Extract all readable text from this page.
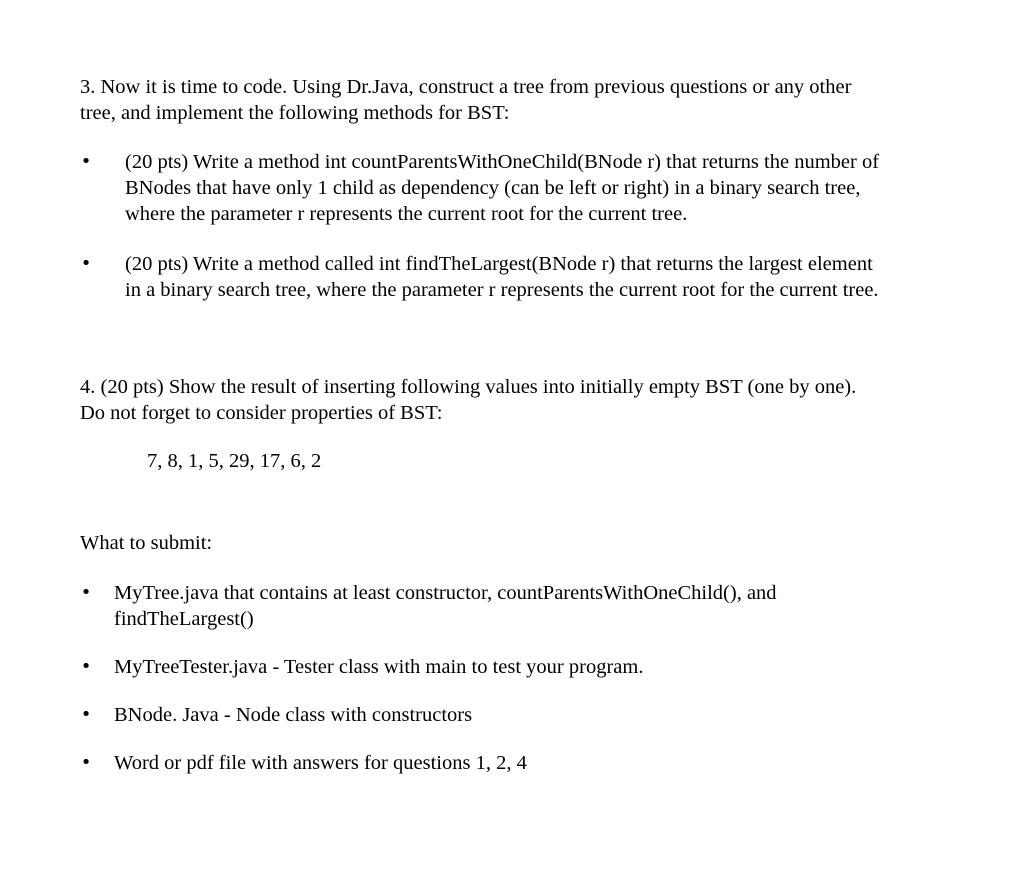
3. Now it is time to code. Using Dr.Java, construct a tree from previous questions or any other
tree, and implement the following methods for BST:

• (20 pts) Write a method int countParentsWithOneChild(BNode r) that returns the number of
BNodes that have only 1 child as dependency (can be left or right) in a binary search tree,
where the parameter r represents the current root for the current tree.
• (20 pts) Write a method called int findTheLargest(BNode r) that returns the largest element
in a binary search tree, where the parameter r represents the current root for the current tree.

4. (20 pts) Show the result of inserting following values into initially empty BST (one by one).
Do not forget to consider properties of BST:

7, 8, 1, 5, 29, 17, 6, 2
What to submit:
• MyTree.java that contains at least constructor, countParentsWithOneChild(), and
findTheLargest()
• MyTreeTester.java - Tester class with main to test your program.
• BNode. Java - Node class with constructors
• Word or pdf file with answers for questions 1, 2, 4
